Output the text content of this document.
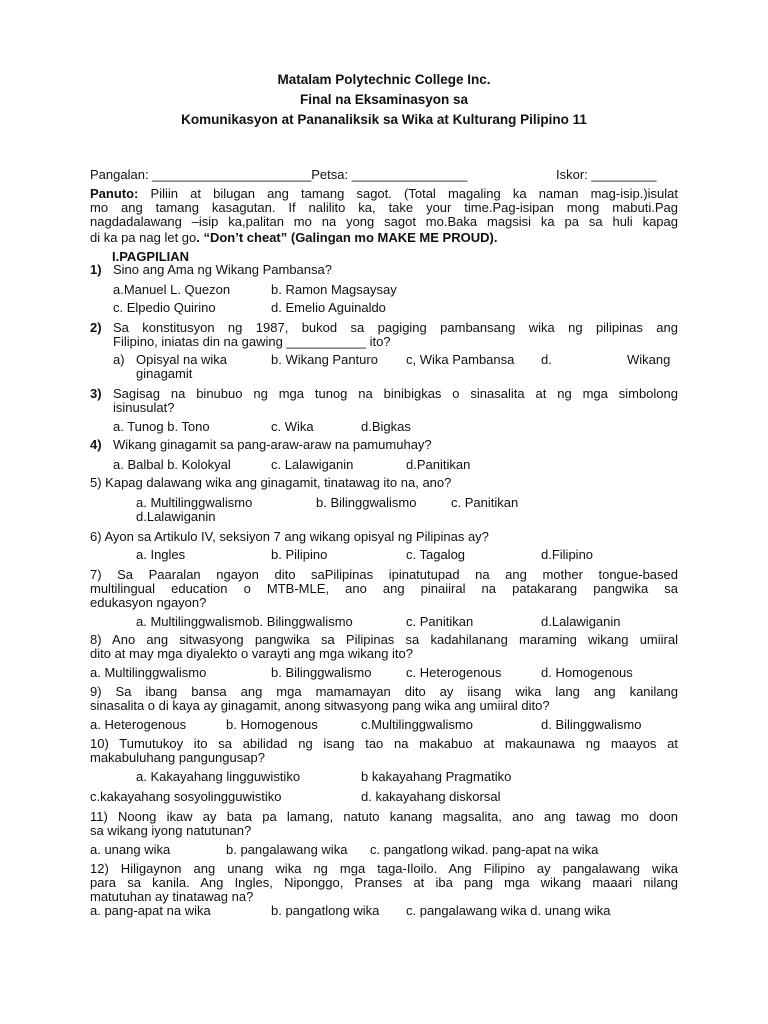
Matalam Polytechnic College Inc.
Final na Eksaminasyon sa
Komunikasyon at Pananaliksik sa Wika at Kulturang Pilipino 11
Pangalan: ______________________Petsa: ________________	Iskor: _________
Panuto: Piliin at bilugan ang tamang sagot. (Total magaling ka naman mag-isip.)isulat
mo ang tamang kasagutan. If nalilito ka, take your time.Pag-isipan mong mabuti.Pag
nagdadalawang –isip ka,palitan mo na yong sagot mo.Baka magsisi ka pa sa huli kapag
di ka pa nag let go. “Don’t cheat” (Galingan mo MAKE ME PROUD).
I.PAGPILIAN
1) Sino ang Ama ng Wikang Pambansa?
a.Manuel L. Quezon	b. Ramon Magsaysay
c. Elpedio Quirino	d. Emelio Aguinaldo
2) Sa konstitusyon ng 1987, bukod sa pagiging pambansang wika ng pilipinas ang
Filipino, iniatas din na gawing ___________ ito?
a) Opisyal na wika	b. Wikang Panturo c, Wika Pambansa d.	Wikang
ginagamit
3) Sagisag na binubuo ng mga tunog na binibigkas o sinasalita at ng mga simbolong
isinusulat?
a. Tunog b. Tono	c. Wika	d.Bigkas
4) Wikang ginagamit sa pang-araw-araw na pamumuhay?
a. Balbal b. Kolokyal	c. Lalawiganin	d.Panitikan
5) Kapag dalawang wika ang ginagamit, tinatawag ito na, ano?
a. Multilinggwalismo	b. Bilinggwalismo	c. Panitikan
d.Lalawiganin
6) Ayon sa Artikulo IV, seksiyon 7 ang wikang opisyal ng Pilipinas ay?
a. Ingles	b. Pilipino	c. Tagalog	d.Filipino
7) Sa Paaralan ngayon dito saPilipinas ipinatutupad na ang mother tongue-based
multilingual education o MTB-MLE, ano ang pinaiiral na patakarang pangwika sa
edukasyon ngayon?
a. Multilinggwalismob. Bilinggwalismo	c. Panitikan	d.Lalawiganin
8) Ano ang sitwasyong pangwika sa Pilipinas sa kadahilanang maraming wikang umiiral
dito at may mga diyalekto o varayti ang mga wikang ito?
a. Multilinggwalismo	b. Bilinggwalismo	c. Heterogenous	d. Homogenous
9) Sa ibang bansa ang mga mamamayan dito ay iisang wika lang ang kanilang
sinasalita o di kaya ay ginagamit, anong sitwasyong pang wika ang umiiral dito?
a. Heterogenous	b. Homogenous	c.Multilinggwalismo	d. Bilinggwalismo
10) Tumutukoy ito sa abilidad ng isang tao na makabuo at makaunawa ng maayos at
makabuluhang pangungusap?
a. Kakayahang lingguwistiko	b kakayahang Pragmatiko
c.kakayahang sosyolingguwistiko	d. kakayahang diskorsal
11) Noong ikaw ay bata pa lamang, natuto kanang magsalita, ano ang tawag mo doon
sa wikang iyong natutunan?
a. unang wika	b. pangalawang wika c. pangatlong wikad. pang-apat na wika
12) Hiligaynon ang unang wika ng mga taga-Iloilo. Ang Filipino ay pangalawang wika
para sa kanila. Ang Ingles, Niponggo, Pranses at iba pang mga wikang maaari nilang
matutuhan ay tinatawag na?
a. pang-apat na wika	b. pangatlong wika c. pangalawang wika d. unang wika
